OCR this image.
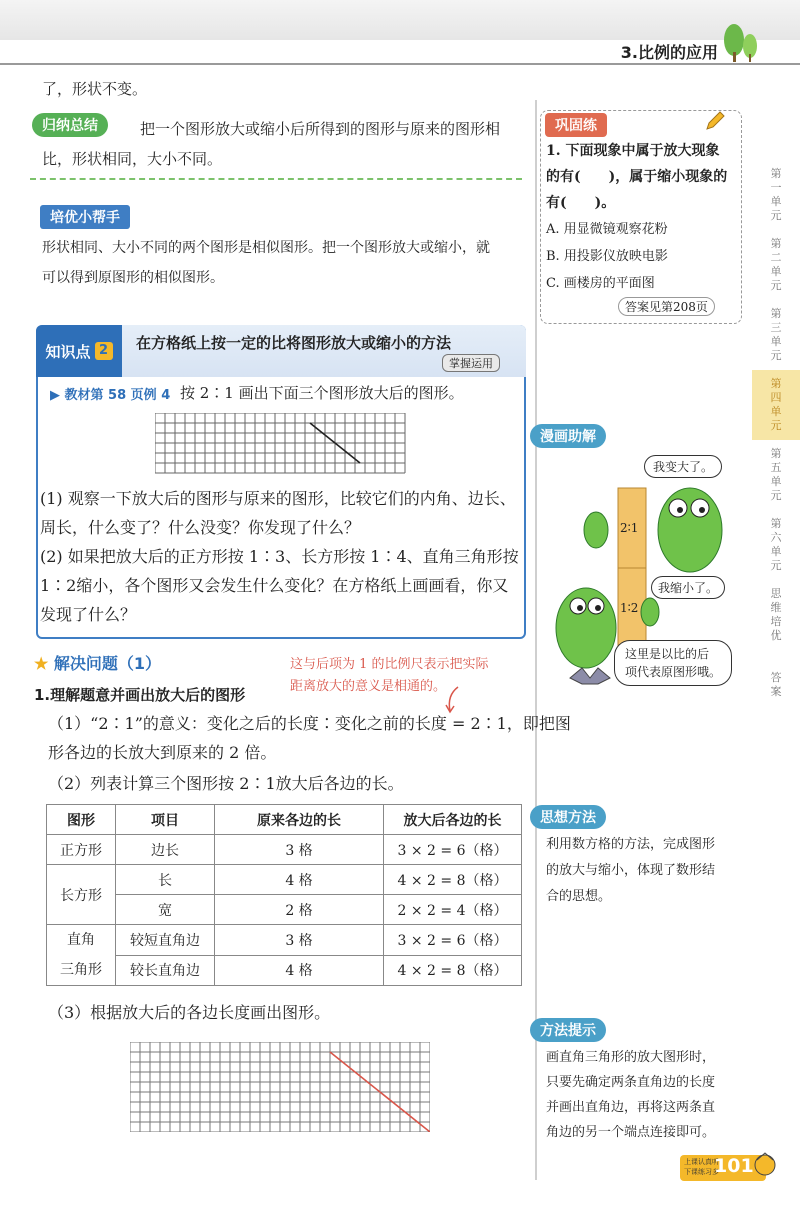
3.比例的应用

了，形状不变。

归纳总结	把一个图形放大或缩小后所得到的图形与原来的图形相

比，形状相同，大小不同。

培优小帮手

形状相同、大小不同的两个图形是相似图形。把一个图形放大或缩小，就

可以得到原图形的相似图形。

知识点 2 在方格纸上按一定的比将图形放大或缩小的方法
掌握运用
▶ 教材第 58 页例 4 按 2∶1 画出下面三个图形放大后的图形。

(1) 观察一下放大后的图形与原来的图形，比较它们的内角、边长、

周长，什么变了？什么没变？你发现了什么？

(2) 如果把放大后的正方形按 1∶3、长方形按 1∶4、直角三角形按

1∶2缩小，各个图形又会发生什么变化？在方格纸上画画看，你又

发现了什么？

★ 解决问题（1）	这与后项为 1 的比例尺表示把实际
距离放大的意义是相通的。
1.理解题意并画出放大后的图形

（1）“2∶1”的意义：变化之后的长度∶变化之前的长度 = 2∶1，即把图

形各边的长放大到原来的 2 倍。

（2）列表计算三个图形按 2∶1放大后各边的长。

图形	项目	原来各边的长	放大后各边的长
正方形	边长	3 格	3 × 2 = 6（格）
长方形	长	4 格	4 × 2 = 8（格）
	宽	2 格	2 × 2 = 4（格）

直角
三角形	较短直角边	3 格	3 × 2 = 6（格）
	较长直角边	4 格	4 × 2 = 8（格）

（3）根据放大后的各边长度画出图形。

巩固练
1. 下面现象中属于放大现象
的有(　　)，属于缩小现象的
有(　　)。
A. 用显微镜观察花粉
B. 用投影仪放映电影
C. 画楼房的平面图
答案见第208页
漫画助解
我变大了。
我缩小了。
2∶1
1∶2
这里是以比的后
项代表原图形哦。
思想方法
利用数方格的方法，完成图形
的放大与缩小，体现了数形结
合的思想。
方法提示
画直角三角形的放大图形时，
只要先确定两条直角边的长度
并画出直角边，再将这两条直
角边的另一个端点连接即可。
第一单元
第二单元
第三单元
第四单元
第五单元
第六单元
思维培优
答案
上课认真听
下课练习多
101
